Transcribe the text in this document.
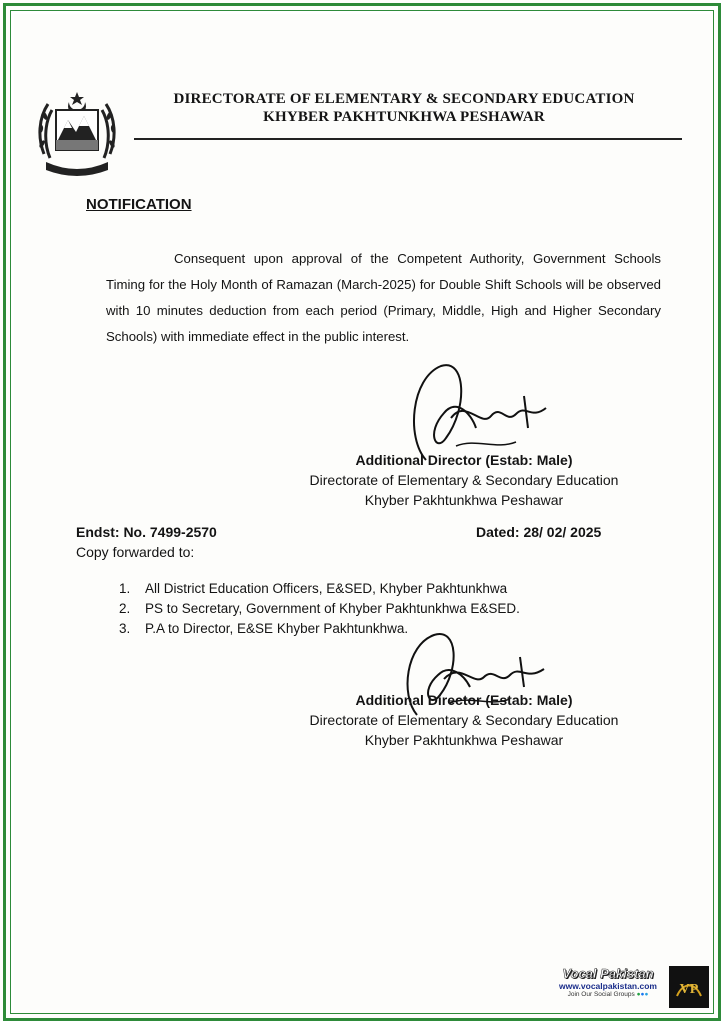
DIRECTORATE OF ELEMENTARY & SECONDARY EDUCATION
KHYBER PAKHTUNKHWA PESHAWAR
NOTIFICATION
Consequent upon approval of the Competent Authority, Government Schools Timing for the Holy Month of Ramazan (March-2025) for Double Shift Schools will be observed with 10 minutes deduction from each period (Primary, Middle, High and Higher Secondary Schools) with immediate effect in the public interest.
Additional Director (Estab: Male)
Directorate of Elementary & Secondary Education
Khyber Pakhtunkhwa Peshawar
Endst: No. 7499-2570	Dated: 28/ 02/ 2025
Copy forwarded to:
1.	All District Education Officers, E&SED, Khyber Pakhtunkhwa
2.	PS to Secretary, Government of Khyber Pakhtunkhwa E&SED.
3.	P.A to Director, E&SE Khyber Pakhtunkhwa.
Additional Director (Estab: Male)
Directorate of Elementary & Secondary Education
Khyber Pakhtunkhwa Peshawar
Vocal Pakistan
www.vocalpakistan.com
Join Our Social Groups ●●●	VP
